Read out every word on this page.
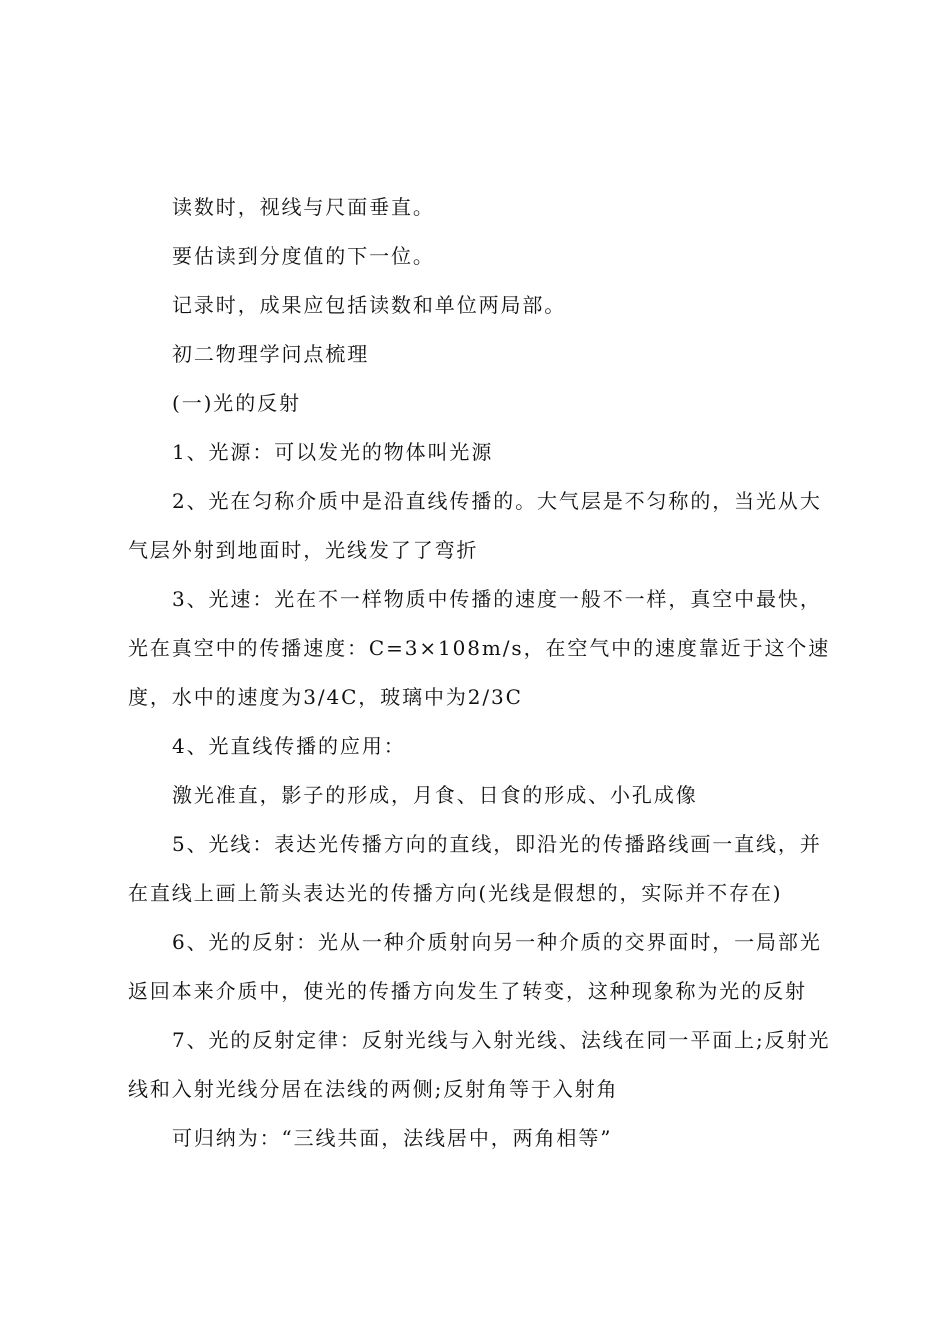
读数时，视线与尺面垂直。

要估读到分度值的下一位。

记录时，成果应包括读数和单位两局部。

初二物理学问点梳理

(一)光的反射

1、光源：可以发光的物体叫光源

2、光在匀称介质中是沿直线传播的。大气层是不匀称的，当光从大气层外射到地面时，光线发了了弯折

3、光速：光在不一样物质中传播的速度一般不一样，真空中最快，光在真空中的传播速度：C=3×108m/s，在空气中的速度靠近于这个速度，水中的速度为3/4C，玻璃中为2/3C

4、光直线传播的应用：

激光准直，影子的形成，月食、日食的形成、小孔成像

5、光线：表达光传播方向的直线，即沿光的传播路线画一直线，并在直线上画上箭头表达光的传播方向(光线是假想的，实际并不存在)

6、光的反射：光从一种介质射向另一种介质的交界面时，一局部光返回本来介质中，使光的传播方向发生了转变，这种现象称为光的反射

7、光的反射定律：反射光线与入射光线、法线在同一平面上;反射光线和入射光线分居在法线的两侧;反射角等于入射角

可归纳为：“三线共面，法线居中，两角相等”
